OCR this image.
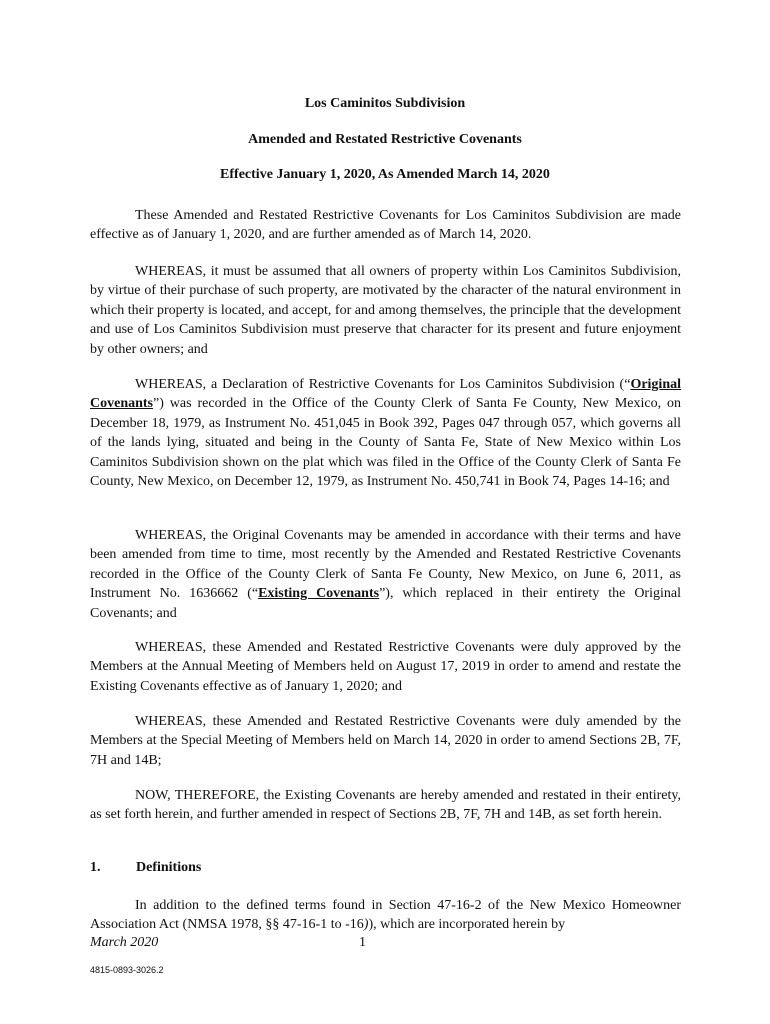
Los Caminitos Subdivision
Amended and Restated Restrictive Covenants
Effective January 1, 2020, As Amended March 14, 2020

These Amended and Restated Restrictive Covenants for Los Caminitos Subdivision are made effective as of January 1, 2020, and are further amended as of March 14, 2020.

WHEREAS, it must be assumed that all owners of property within Los Caminitos Subdivision, by virtue of their purchase of such property, are motivated by the character of the natural environment in which their property is located, and accept, for and among themselves, the principle that the development and use of Los Caminitos Subdivision must preserve that character for its present and future enjoyment by other owners; and

WHEREAS, a Declaration of Restrictive Covenants for Los Caminitos Subdivision (“Original Covenants”) was recorded in the Office of the County Clerk of Santa Fe County, New Mexico, on December 18, 1979, as Instrument No. 451,045 in Book 392, Pages 047 through 057, which governs all of the lands lying, situated and being in the County of Santa Fe, State of New Mexico within Los Caminitos Subdivision shown on the plat which was filed in the Office of the County Clerk of Santa Fe County, New Mexico, on December 12, 1979, as Instrument No. 450,741 in Book 74, Pages 14-16; and

WHEREAS, the Original Covenants may be amended in accordance with their terms and have been amended from time to time, most recently by the Amended and Restated Restrictive Covenants recorded in the Office of the County Clerk of Santa Fe County, New Mexico, on June 6, 2011, as Instrument No. 1636662 (“Existing Covenants”), which replaced in their entirety the Original Covenants; and

WHEREAS, these Amended and Restated Restrictive Covenants were duly approved by the Members at the Annual Meeting of Members held on August 17, 2019 in order to amend and restate the Existing Covenants effective as of January 1, 2020; and

WHEREAS, these Amended and Restated Restrictive Covenants were duly amended by the Members at the Special Meeting of Members held on March 14, 2020 in order to amend Sections 2B, 7F, 7H and 14B;

NOW, THEREFORE, the Existing Covenants are hereby amended and restated in their entirety, as set forth herein, and further amended in respect of Sections 2B, 7F, 7H and 14B, as set forth herein.

1.	Definitions

In addition to the defined terms found in Section 47-16-2 of the New Mexico Homeowner Association Act (NMSA 1978, §§ 47-16-1 to -16)), which are incorporated herein by

March 2020	1
4815-0893-3026.2
